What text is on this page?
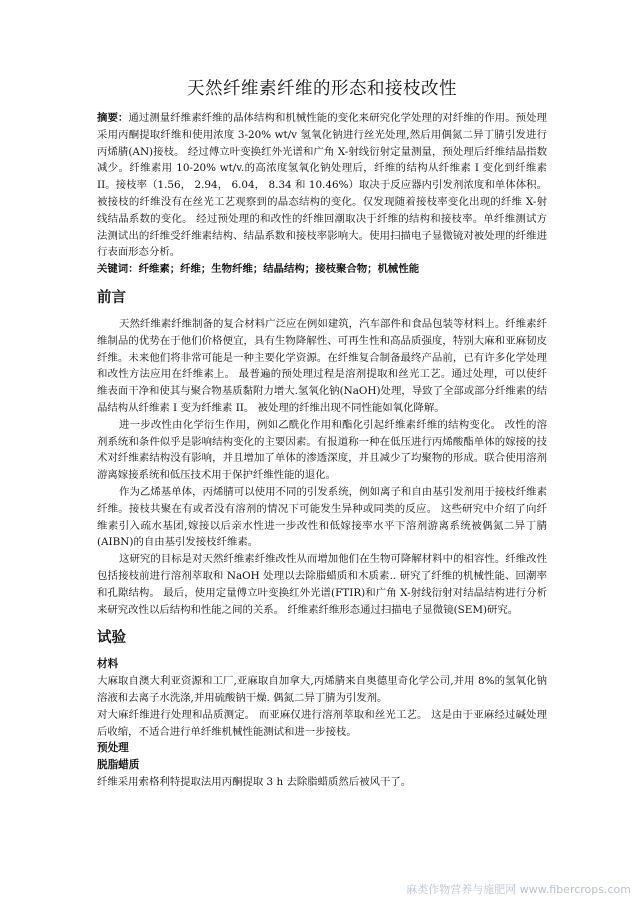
天然纤维素纤维的形态和接枝改性

摘要：通过测量纤维素纤维的晶体结构和机械性能的变化来研究化学处理的对纤维的作用。预处理采用丙酮提取纤维和使用浓度 3-20% wt/v 氢氧化钠进行丝光处理,然后用偶氮二异丁腈引发进行丙烯腈(AN)接枝。 经过傅立叶变换红外光谱和广角 X-射线衍射定量测量，预处理后纤维结晶指数减少。纤维素用 10-20% wt/v.的高浓度氢氧化钠处理后，纤维的结构从纤维素 I 变化到纤维素 II。接枝率（1.56， 2.94， 6.04， 8.34 和 10.46%）取决于反应器内引发剂浓度和单体体积。被接枝的纤维没有在丝光工艺观察到的晶态结构的变化。仅发现随着接枝率变化出现的纤维 X-射线结晶系数的变化。 经过预处理的和改性的纤维回潮取决于纤维的结构和接枝率。单纤维测试方法测试出的纤维受纤维素结构、结晶系数和接枝率影响大。使用扫描电子显微镜对被处理的纤维进行表面形态分析。

关键词：纤维素；纤维；生物纤维；结晶结构；接枝聚合物；机械性能

前言

天然纤维素纤维制备的复合材料广泛应在例如建筑，汽车部件和食品包装等材料上。纤维素纤维制品的优势在于他们价格便宜，具有生物降解性、可再生性和高品质强度，特别大麻和亚麻韧皮纤维。未来他们将非常可能是一种主要化学资源。在纤维复合制备最终产品前，已有许多化学处理和改性方法应用在纤维素上。 最普遍的预处理过程是溶剂提取和丝光工艺。通过处理，可以使纤维表面干净和使其与聚合物基质黏附力增大.氢氧化钠(NaOH)处理，导致了全部或部分纤维素的结晶结构从纤维素 I 变为纤维素 II。 被处理的纤维出现不同性能如氧化降解。

进一步改性由化学衍生作用，例如乙酰化作用和酯化引起纤维素纤维的结构变化。 改性的溶剂系统和条件似乎是影响结构变化的主要因素。有报道称一种在低压进行丙烯酸酯单体的嫁接的技术对纤维素结构没有影响，并且增加了单体的渗透深度，并且减少了均聚物的形成。联合使用溶剂游离嫁接系统和低压技术用于保护纤维性能的退化。

作为乙烯基单体，丙烯腈可以使用不同的引发系统，例如离子和自由基引发剂用于接枝纤维素纤维。接枝共聚在有或者没有溶剂的情况下可能发生异种或同类的反应。 这些研究中介绍了向纤维素引入疏水基团,嫁接以后亲水性进一步改性和低嫁接率水平下溶剂游离系统被偶氮二异丁腈(AIBN)的自由基引发接枝纤维素。

这研究的目标是对天然纤维素纤维改性从而增加他们在生物可降解材料中的相容性。纤维改性包括接枝前进行溶剂萃取和 NaOH 处理以去除脂蜡质和木质素.. 研究了纤维的机械性能、回潮率和孔隙结构。 最后，使用定量傅立叶变换红外光谱(FTIR)和广角 X-射线衍射对结晶结构进行分析来研究改性以后结构和性能之间的关系。 纤维素纤维形态通过扫描电子显微镜(SEM)研究。

试验

材料

大麻取自澳大利亚资源和工厂,亚麻取自加拿大,丙烯腈来自奥德里奇化学公司,并用 8%的氢氧化钠溶液和去离子水洗涤,并用硫酸钠干燥. 偶氮二异丁腈为引发剂。

对大麻纤维进行处理和品质测定。 而亚麻仅进行溶剂萃取和丝光工艺。 这是由于亚麻经过碱处理后收缩，不适合进行单纤维机械性能测试和进一步接枝。

预处理

脱脂蜡质

纤维采用索格利特提取法用丙酮提取 3 h 去除脂蜡质然后被风干了。

麻类作物营养与施肥网 www.fibercrops.com
